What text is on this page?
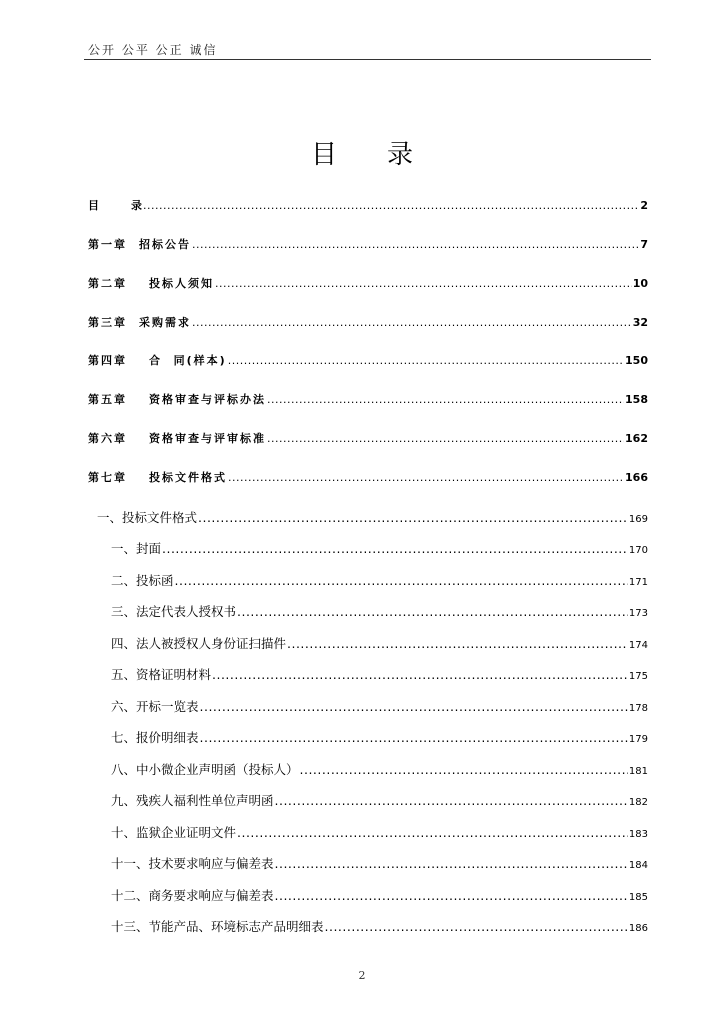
公开 公平 公正 诚信
目录
目	录 .....	2
第一章 招标公告 .....	7
第二章 投标人须知 .....	10
第三章 采购需求 .....	32
第四章 合  同(样本) .....	150
第五章 资格审查与评标办法 .....	158
第六章 资格审查与评审标准 .....	162
第七章 投标文件格式 .....	166
一、投标文件格式 .....	169
一、封面 .....	170
二、投标函 .....	171
三、法定代表人授权书 .....	173
四、法人被授权人身份证扫描件 .....	174
五、资格证明材料 .....	175
六、开标一览表 .....	178
七、报价明细表 .....	179
八、中小微企业声明函（投标人） .....	181
九、残疾人福利性单位声明函 .....	182
十、监狱企业证明文件 .....	183
十一、技术要求响应与偏差表 .....	184
十二、商务要求响应与偏差表 .....	185
十三、节能产品、环境标志产品明细表 .....	186
2
